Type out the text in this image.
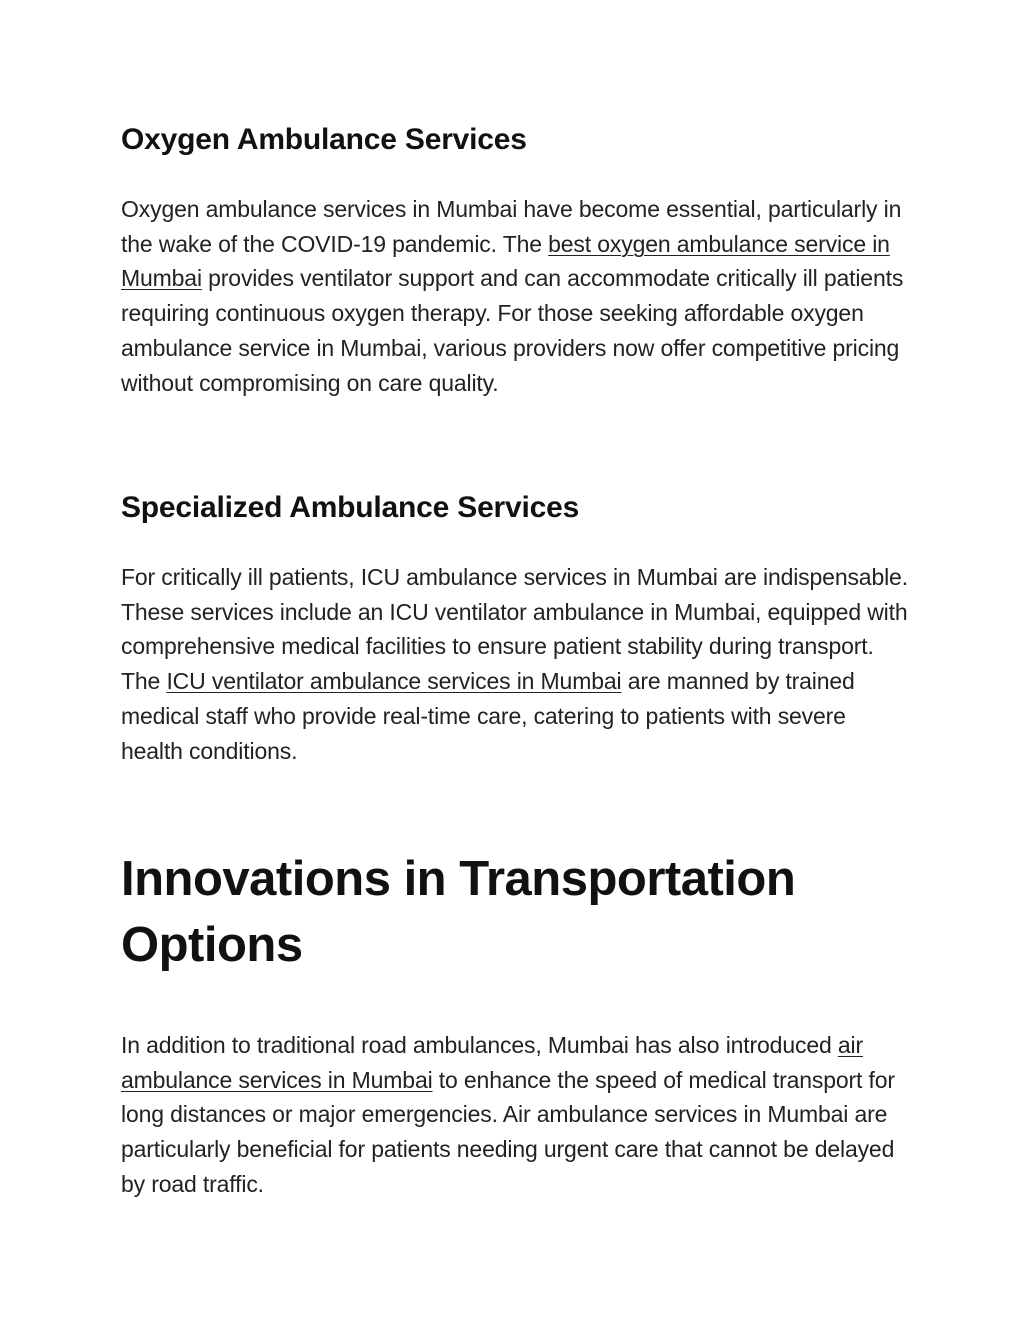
Oxygen Ambulance Services

Oxygen ambulance services in Mumbai have become essential, particularly in the wake of the COVID-19 pandemic. The best oxygen ambulance service in Mumbai provides ventilator support and can accommodate critically ill patients requiring continuous oxygen therapy. For those seeking affordable oxygen ambulance service in Mumbai, various providers now offer competitive pricing without compromising on care quality.

Specialized Ambulance Services

For critically ill patients, ICU ambulance services in Mumbai are indispensable. These services include an ICU ventilator ambulance in Mumbai, equipped with comprehensive medical facilities to ensure patient stability during transport. The ICU ventilator ambulance services in Mumbai are manned by trained medical staff who provide real-time care, catering to patients with severe health conditions.

Innovations in Transportation Options

In addition to traditional road ambulances, Mumbai has also introduced air ambulance services in Mumbai to enhance the speed of medical transport for long distances or major emergencies. Air ambulance services in Mumbai are particularly beneficial for patients needing urgent care that cannot be delayed by road traffic.
